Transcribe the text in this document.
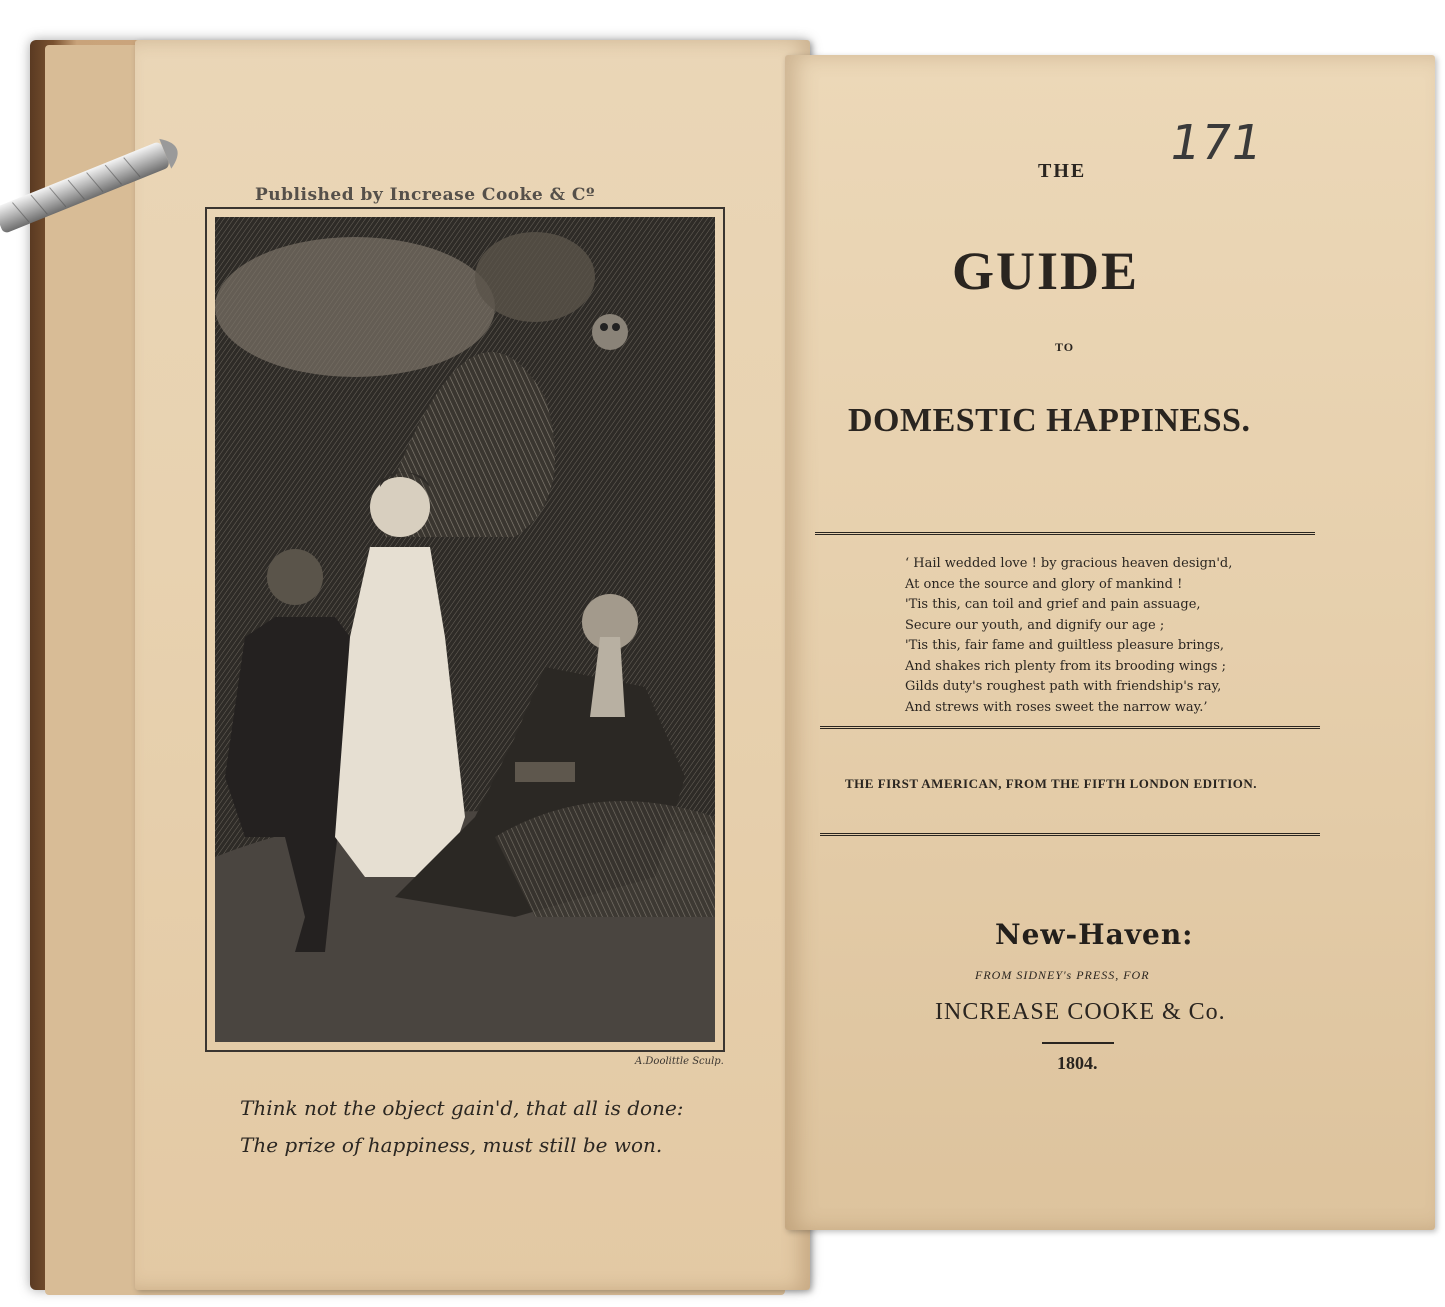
Published by Increase Cooke & Cº
A.Doolittle Sculp.
Think not the object gain'd, that all is done:
The prize of happiness, must still be won.
171
THE
GUIDE
TO
DOMESTIC HAPPINESS.
‘ Hail wedded love ! by gracious heaven design'd,
At once the source and glory of mankind !
'Tis this, can toil and grief and pain assuage,
Secure our youth, and dignify our age ;
'Tis this, fair fame and guiltless pleasure brings,
And shakes rich plenty from its brooding wings ;
Gilds duty's roughest path with friendship's ray,
And strews with roses sweet the narrow way.’
THE FIRST AMERICAN, FROM THE FIFTH LONDON EDITION.
New-Haven:
FROM SIDNEY's PRESS, FOR
INCREASE COOKE & Co.
1804.
